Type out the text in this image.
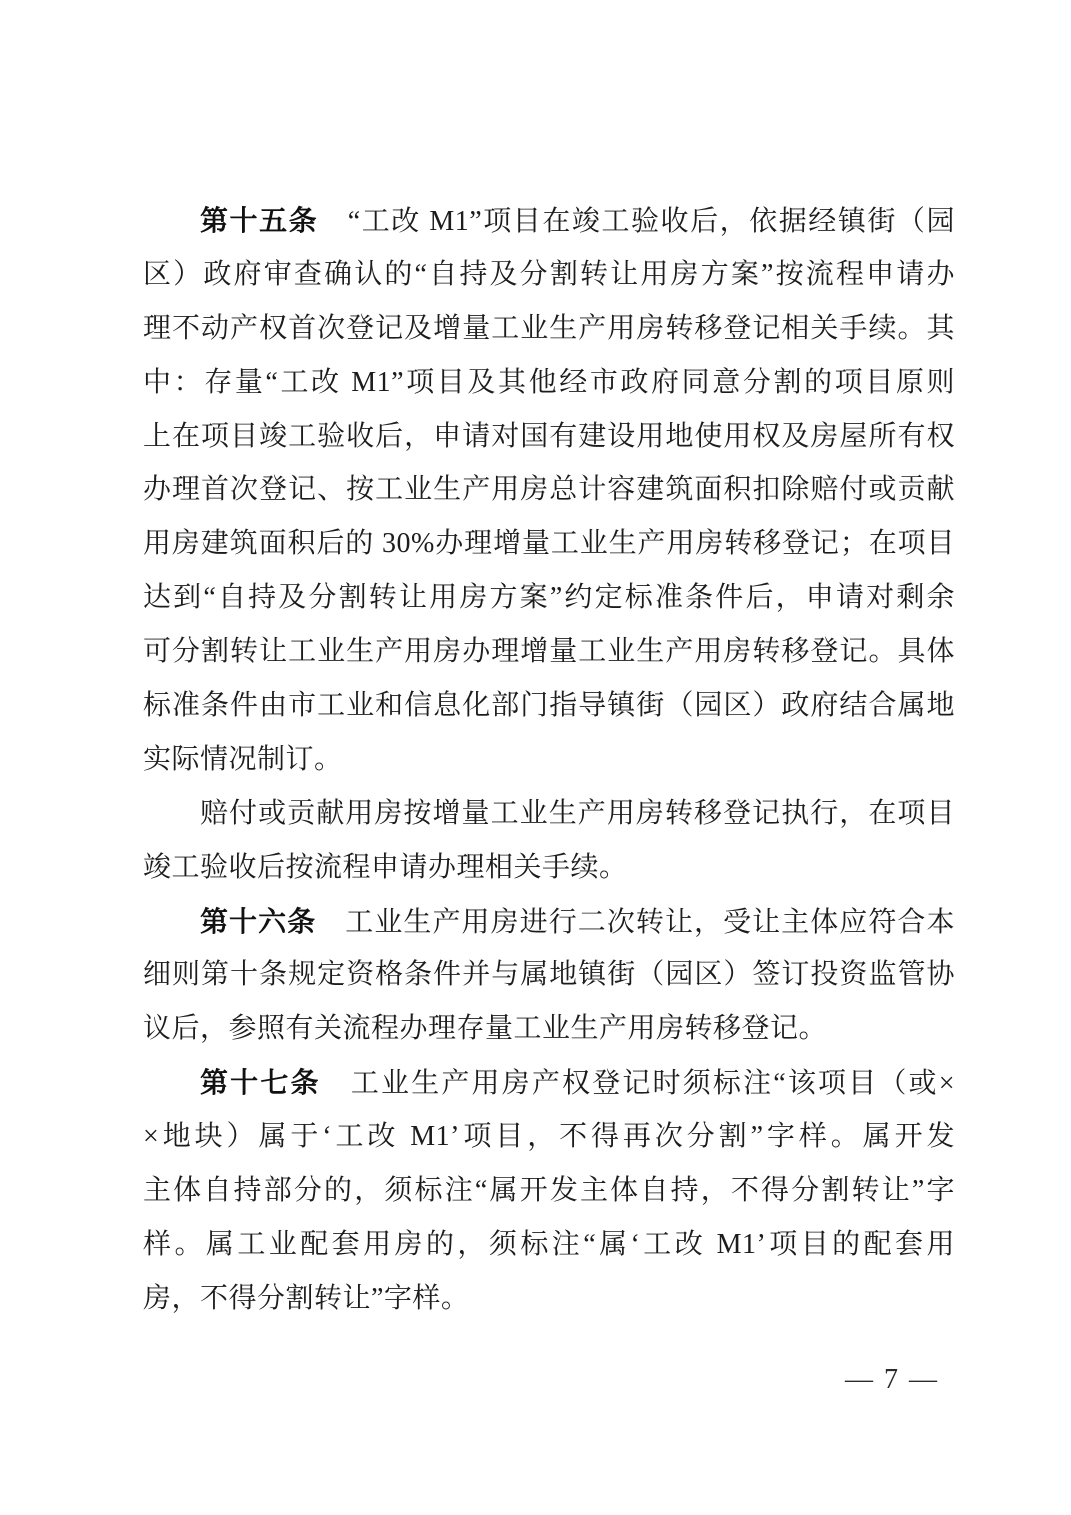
第十五条　“工改 M1”项目在竣工验收后，依据经镇街（园
区）政府审查确认的“自持及分割转让用房方案”按流程申请办
理不动产权首次登记及增量工业生产用房转移登记相关手续。其
中：存量“工改 M1”项目及其他经市政府同意分割的项目原则
上在项目竣工验收后，申请对国有建设用地使用权及房屋所有权
办理首次登记、按工业生产用房总计容建筑面积扣除赔付或贡献
用房建筑面积后的 30%办理增量工业生产用房转移登记；在项目
达到“自持及分割转让用房方案”约定标准条件后，申请对剩余
可分割转让工业生产用房办理增量工业生产用房转移登记。具体
标准条件由市工业和信息化部门指导镇街（园区）政府结合属地
实际情况制订。
赔付或贡献用房按增量工业生产用房转移登记执行，在项目
竣工验收后按流程申请办理相关手续。
第十六条　工业生产用房进行二次转让，受让主体应符合本
细则第十条规定资格条件并与属地镇街（园区）签订投资监管协
议后，参照有关流程办理存量工业生产用房转移登记。
第十七条　工业生产用房产权登记时须标注“该项目（或×
×地块）属于‘工改 M1’项目，不得再次分割”字样。属开发
主体自持部分的，须标注“属开发主体自持，不得分割转让”字
样。属工业配套用房的，须标注“属‘工改 M1’项目的配套用
房，不得分割转让”字样。
— 7 —
